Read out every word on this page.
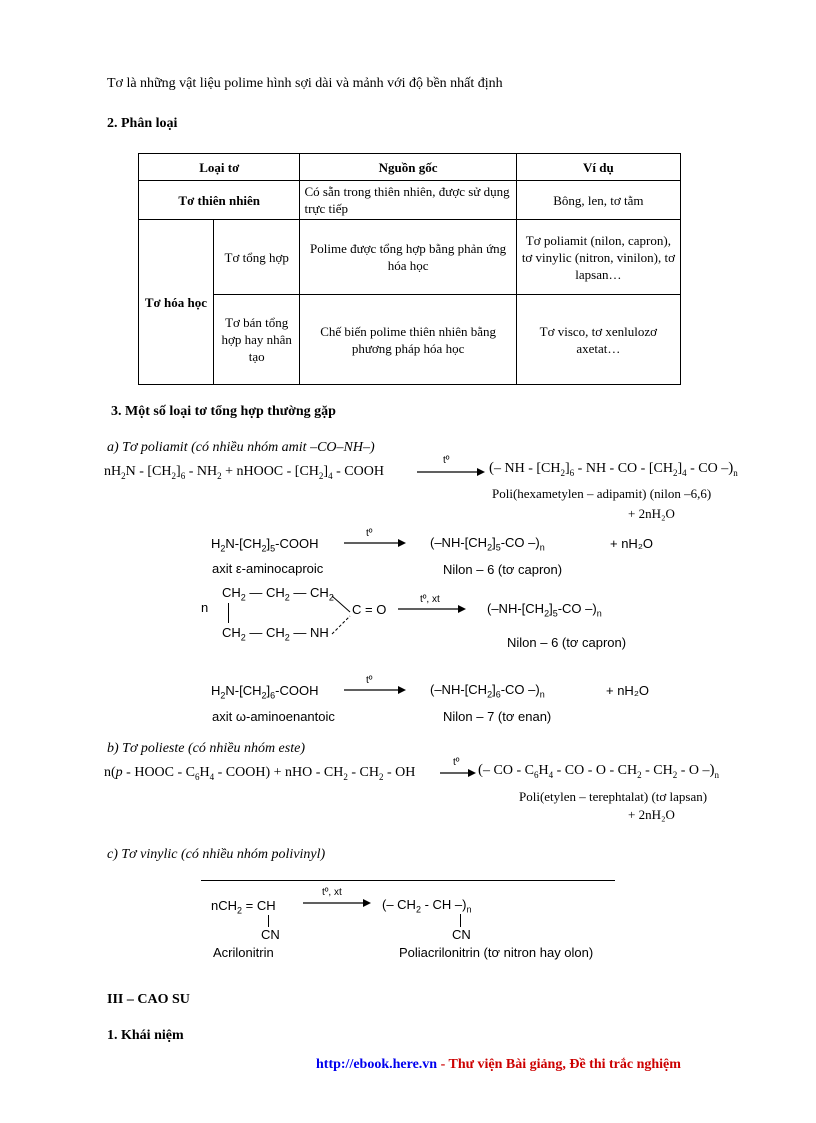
Tơ là những vật liệu polime hình sợi dài và mảnh với độ bền nhất định
2. Phân loại
Loại tơ		Nguồn gốc	Ví dụ
Tơ thiên nhiên		Có sẵn trong thiên nhiên, được sử dụng trực tiếp	Bông, len, tơ tằm
Tơ hóa học	Tơ tổng hợp	Polime được tổng hợp bằng phản ứng hóa học	Tơ poliamit (nilon, capron), tơ vinylic (nitron, vinilon), tơ lapsan…
	Tơ bán tổng hợp hay nhân tạo	Chế biến polime thiên nhiên bằng phương pháp hóa học	Tơ visco, tơ xenlulozơ axetat…
3. Một số loại tơ tổng hợp thường gặp
a) Tơ poliamit (có nhiều nhóm amit –CO–NH–)
$nH_2N - [CH_2]_6 - NH_2$ + nHOOC - $[CH_2]_4$ - COOH
tº	(– NH - $[CH_2]_6$ - NH - CO - $[CH_2]_4$ - CO $-)_n$
Poli(hexametylen – adipamit) (nilon –6,6)
+ 2nH₂O
$H_2N-[CH_2]_5$-COOH
tº
($-NH-[CH_2]_5-CO$ $-)_n$	+ nH₂O
axit ε-aminocaproic	Nilon – 6 (tơ capron)
n
$CH_2$ — $CH_2$ — $CH_2$
$CH_2$ — $CH_2$ — NH
C = O
tº, xt
($-NH-[CH_2]_5-CO$ $-)_n$
Nilon – 6 (tơ capron)
$H_2N-[CH_2]_6$-COOH
tº
($-NH-[CH_2]_6-CO$ $-)_n$	+ nH₂O
axit ω-aminoenantoic	Nilon – 7 (tơ enan)
b) Tơ polieste (có nhiều nhóm este)
n(p - HOOC - $C_6H_4$ - COOH) + nHO - $CH_2 - CH_2$ - OH
tº → (– CO - $C_6H_4$ - CO - O - $CH_2 - CH_2$ - O $-)_n$
Poli(etylen – terephtalat) (tơ lapsan)
+ 2nH₂O
c) Tơ vinylic (có nhiều nhóm polivinyl)
nCH$_2$ = CH
CN
tº, xt
(– $CH_2$ - CH $-)_n$
CN
Acrilonitrin	Poliacrilonitrin (tơ nitron hay olon)
III – CAO SU
1. Khái niệm
http://ebook.here.vn - Thư viện Bài giảng, Đề thi trắc nghiệm
